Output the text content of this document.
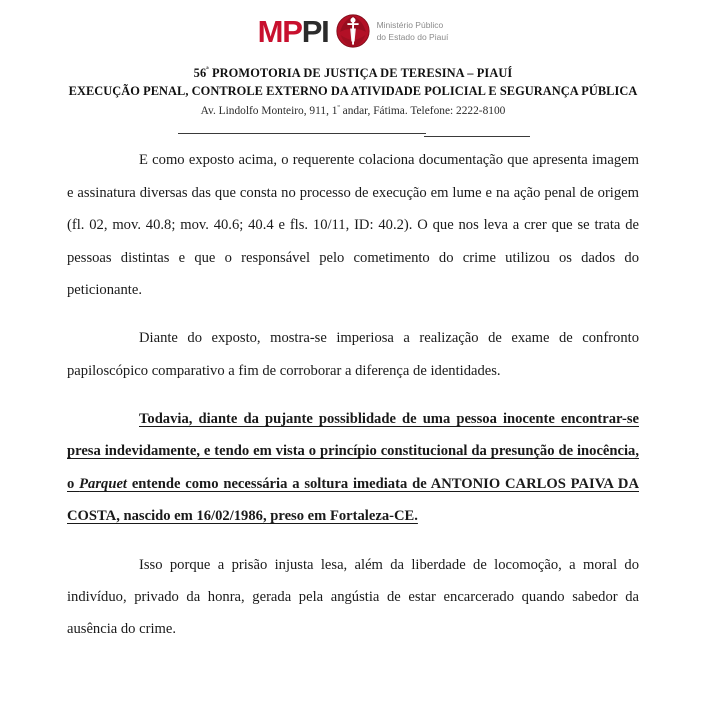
MPPI	Ministério Público
do Estado do Piauí
$56^ª$ PROMOTORIA DE JUSTIÇA DE TERESINA – PIAUÍ
EXECUÇÃO PENAL, CONTROLE EXTERNO DA ATIVIDADE POLICIAL E SEGURANÇA PÚBLICA
Av. Lindolfo Monteiro, 911, $1^º$ andar, Fátima. Telefone: 2222-8100

E como exposto acima, o requerente colaciona documentação que apresenta imagem e assinatura diversas das que consta no processo de execução em lume e na ação penal de origem (fl. 02, mov. 40.8; mov. 40.6; 40.4 e fls. 10/11, ID: 40.2). O que nos leva a crer que se trata de pessoas distintas e que o responsável pelo cometimento do crime utilizou os dados do peticionante.

Diante do exposto, mostra-se imperiosa a realização de exame de confronto papiloscópico comparativo a fim de corroborar a diferença de identidades.

Todavia, diante da pujante possiblidade de uma pessoa inocente encontrar-se presa indevidamente, e tendo em vista o princípio constitucional da presunção de inocência, o Parquet entende como necessária a soltura imediata de ANTONIO CARLOS PAIVA DA COSTA, nascido em 16/02/1986, preso em Fortaleza-CE.

Isso porque a prisão injusta lesa, além da liberdade de locomoção, a moral do indivíduo, privado da honra, gerada pela angústia de estar encarcerado quando sabedor da ausência do crime.
